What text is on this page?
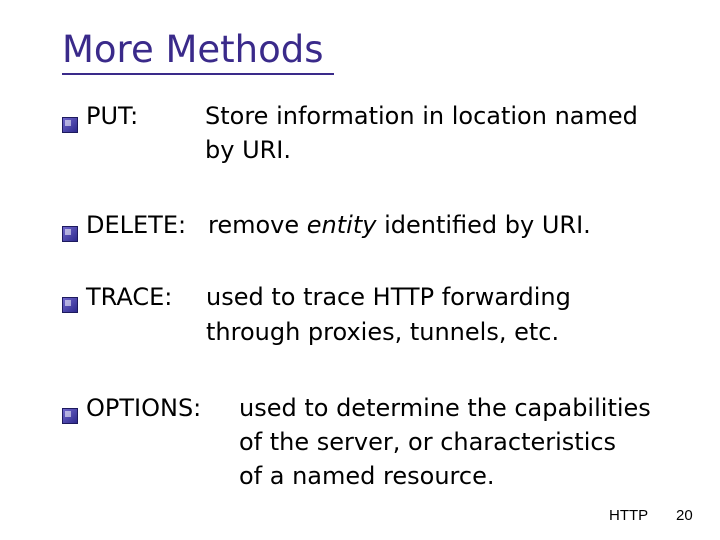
More Methods
PUT:	Store information in location named
by URI.
DELETE: remove entity identified by URI.
TRACE: used to trace HTTP forwarding
through proxies, tunnels, etc.
OPTIONS: used to determine the capabilities
of the server, or characteristics
of a named resource.
HTTP 20
